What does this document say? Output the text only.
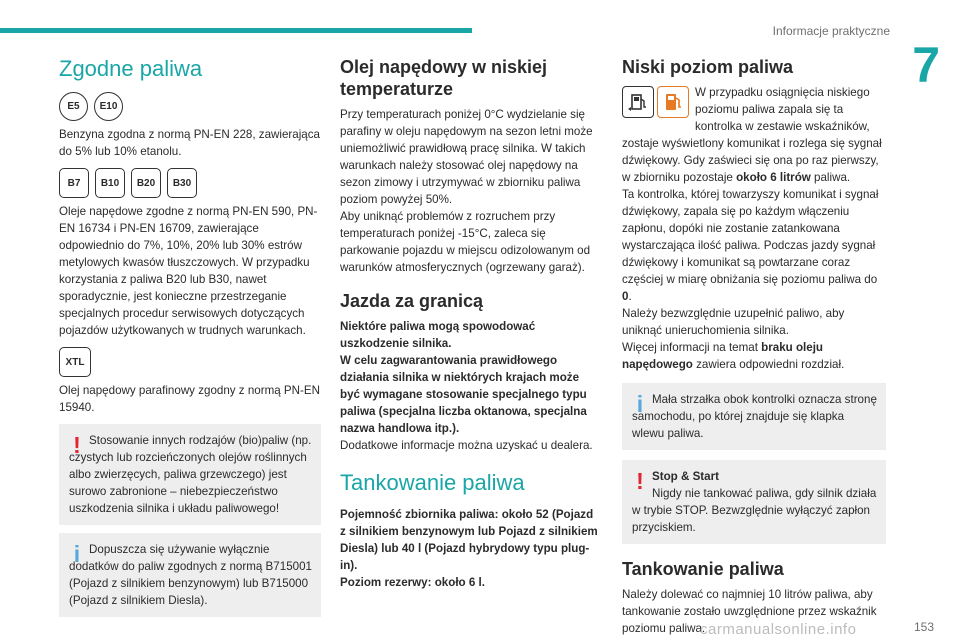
Informacje praktyczne
7
Zgodne paliwa
E5	E10

Benzyna zgodna z normą PN-EN 228, zawierająca do 5% lub 10% etanolu.

B7	B10	B20	B30

Oleje napędowe zgodne z normą PN-EN 590, PN-EN 16734 i PN-EN 16709, zawierające odpowiednio do 7%, 10%, 20% lub 30% estrów metylowych kwasów tłuszczowych. W przypadku korzystania z paliwa B20 lub B30, nawet sporadycznie, jest konieczne przestrzeganie specjalnych procedur serwisowych dotyczących pojazdów użytkowanych w trudnych warunkach.

XTL

Olej napędowy parafinowy zgodny z normą PN-EN 15940.

! Stosowanie innych rodzajów (bio)paliw (np. czystych lub rozcieńczonych olejów roślinnych albo zwierzęcych, paliwa grzewczego) jest surowo zabronione – niebezpieczeństwo uszkodzenia silnika i układu paliwowego!

i Dopuszcza się używanie wyłącznie dodatków do paliw zgodnych z normą B715001 (Pojazd z silnikiem benzynowym) lub B715000 (Pojazd z silnikiem Diesla).

Olej napędowy w niskiej temperaturze

Przy temperaturach poniżej 0°C wydzielanie się parafiny w oleju napędowym na sezon letni może uniemożliwić prawidłową pracę silnika. W takich warunkach należy stosować olej napędowy na sezon zimowy i utrzymywać w zbiorniku paliwa poziom powyżej 50%.

Aby uniknąć problemów z rozruchem przy temperaturach poniżej -15°C, zaleca się parkowanie pojazdu w miejscu odizolowanym od warunków atmosferycznych (ogrzewany garaż).

Jazda za granicą

Niektóre paliwa mogą spowodować uszkodzenie silnika.

W celu zagwarantowania prawidłowego działania silnika w niektórych krajach może być wymagane stosowanie specjalnego typu paliwa (specjalna liczba oktanowa, specjalna nazwa handlowa itp.).

Dodatkowe informacje można uzyskać u dealera.

Tankowanie paliwa

Pojemność zbiornika paliwa: około 52 (Pojazd z silnikiem benzynowym lub Pojazd z silnikiem Diesla) lub 40 l (Pojazd hybrydowy typu plug-in).

Poziom rezerwy: około 6 l.

Niski poziom paliwa

W przypadku osiągnięcia niskiego poziomu paliwa zapala się ta kontrolka w zestawie wskaźników, zostaje wyświetlony komunikat i rozlega się sygnał dźwiękowy. Gdy zaświeci się ona po raz pierwszy, w zbiorniku pozostaje około 6 litrów paliwa.

Ta kontrolka, której towarzyszy komunikat i sygnał dźwiękowy, zapala się po każdym włączeniu zapłonu, dopóki nie zostanie zatankowana wystarczająca ilość paliwa. Podczas jazdy sygnał dźwiękowy i komunikat są powtarzane coraz częściej w miarę obniżania się poziomu paliwa do 0.

Należy bezwzględnie uzupełnić paliwo, aby uniknąć unieruchomienia silnika.

Więcej informacji na temat braku oleju napędowego zawiera odpowiedni rozdział.

i Mała strzałka obok kontrolki oznacza stronę samochodu, po której znajduje się klapka wlewu paliwa.

! Stop & Start

Nigdy nie tankować paliwa, gdy silnik działa w trybie STOP. Bezwzględnie wyłączyć zapłon przyciskiem.

Tankowanie paliwa

Należy dolewać co najmniej 10 litrów paliwa, aby tankowanie zostało uwzględnione przez wskaźnik poziomu paliwa.

carmanualsonline.info	153
